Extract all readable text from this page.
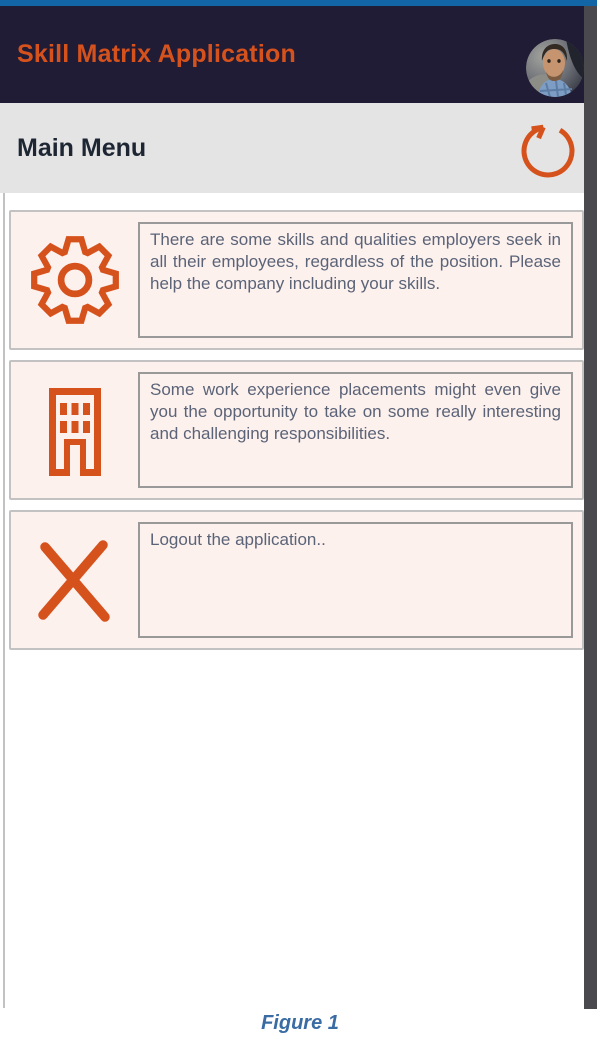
Skill Matrix Application
Main Menu

There are some skills and qualities employers seek in all their employees, regardless of the position. Please help the company including your skills.

Some work experience placements might even give you the opportunity to take on some really interesting and challenging responsibilities.

Logout the application..

Figure 1
